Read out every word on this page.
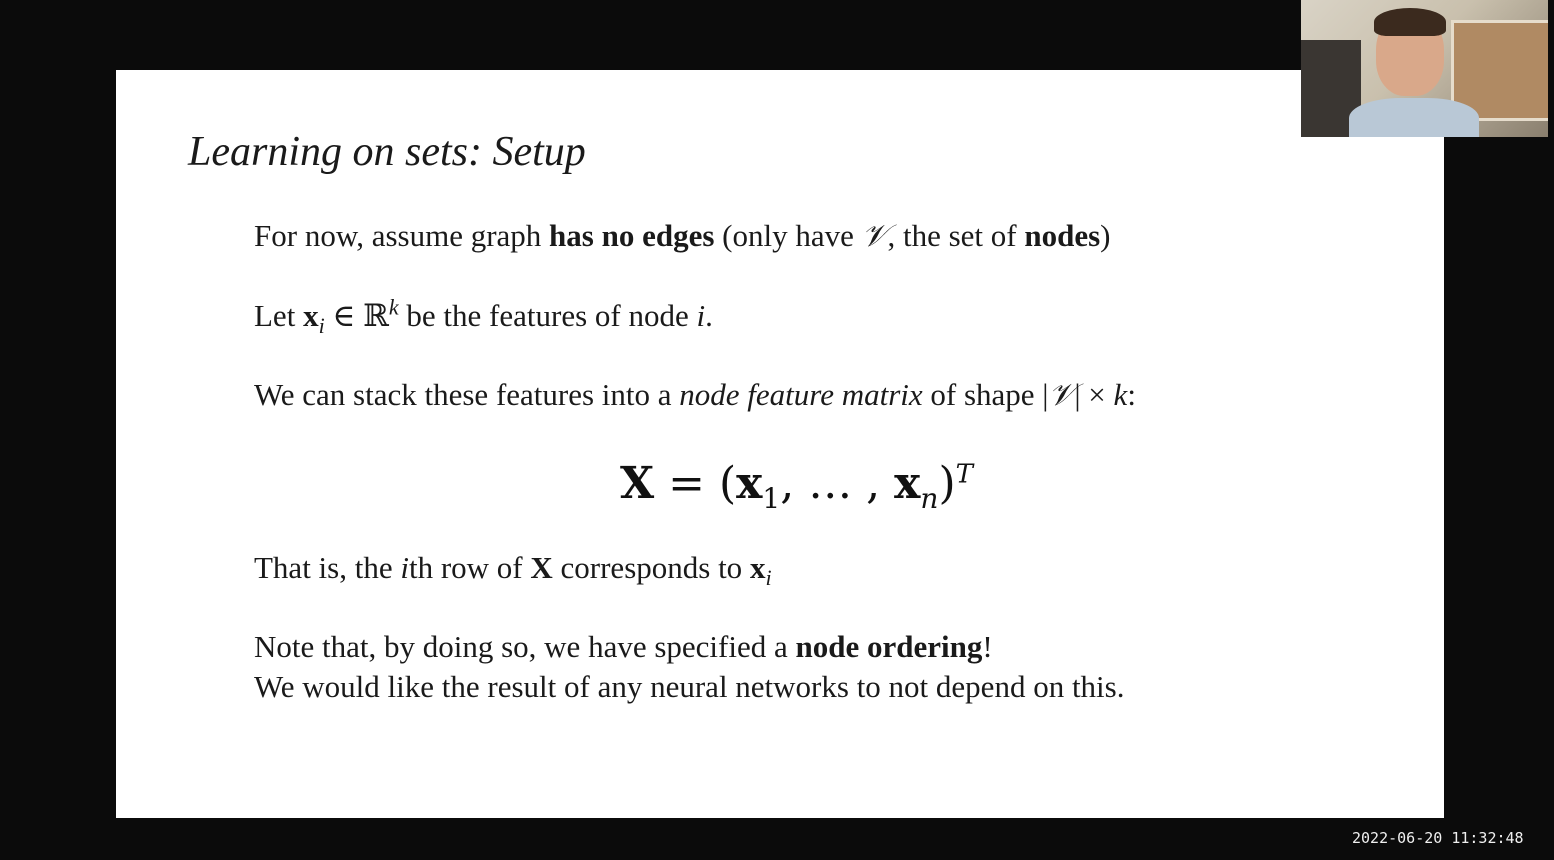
Learning on sets: Setup
For now, assume graph has no edges (only have 𝒱, the set of nodes)
Let $x_i$ ∈ ℝ$^k$ be the features of node i.
We can stack these features into a node feature matrix of shape |𝒱| × k:
$X = (x_1$, … , $x_n)^T$
That is, the ith row of X corresponds to $x_i$
Note that, by doing so, we have specified a node ordering!
We would like the result of any neural networks to not depend on this.
2022-06-20 11:32:48
